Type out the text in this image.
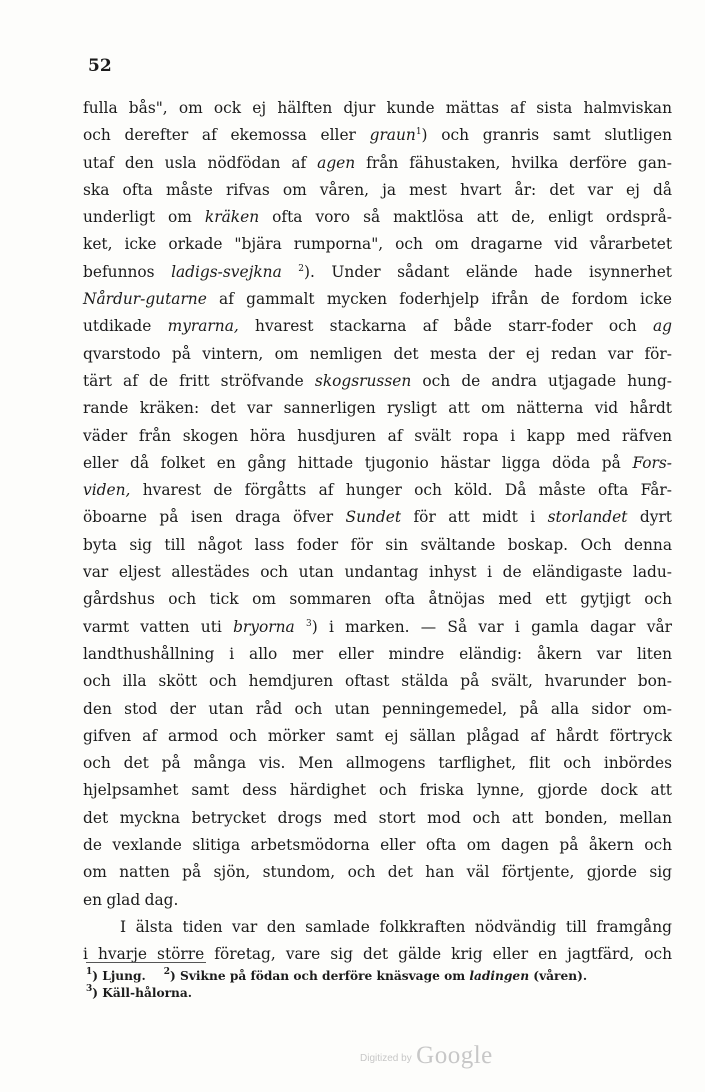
52
fulla bås", om ock ej hälften djur kunde mättas af sista halmviskan
och derefter af ekemossa eller graun$^1$) och granris samt slutligen
utaf den usla nödfödan af agen från fähustaken, hvilka derföre gan-
ska ofta måste rifvas om våren, ja mest hvart år: det var ej då
underligt om kräken ofta voro så maktlösa att de, enligt ordsprå-
ket, icke orkade "bjära rumporna", och om dragarne vid vårarbetet
befunnos ladigs-svejkna $^2$). Under sådant elände hade isynnerhet
Nårdur-gutarne af gammalt mycken foderhjelp ifrån de fordom icke
utdikade myrarna, hvarest stackarna af både starr-foder och ag
qvarstodo på vintern, om nemligen det mesta der ej redan var för-
tärt af de fritt ströfvande skogsrussen och de andra utjagade hung-
rande kräken: det var sannerligen rysligt att om nätterna vid hårdt
väder från skogen höra husdjuren af svält ropa i kapp med räfven
eller då folket en gång hittade tjugonio hästar ligga döda på Fors-
viden, hvarest de förgåtts af hunger och köld. Då måste ofta Får-
öboarne på isen draga öfver Sundet för att midt i storlandet dyrt
byta sig till något lass foder för sin svältande boskap. Och denna
var eljest allestädes och utan undantag inhyst i de eländigaste ladu-
gårdshus och tick om sommaren ofta åtnöjas med ett gytjigt och
varmt vatten uti bryorna $^3$) i marken. — Så var i gamla dagar vår
landthushållning i allo mer eller mindre eländig: åkern var liten
och illa skött och hemdjuren oftast stälda på svält, hvarunder bon-
den stod der utan råd och utan penningemedel, på alla sidor om-
gifven af armod och mörker samt ej sällan plågad af hårdt förtryck
och det på många vis. Men allmogens tarflighet, flit och inbördes
hjelpsamhet samt dess härdighet och friska lynne, gjorde dock att
det myckna betrycket drogs med stort mod och att bonden, mellan
de vexlande slitiga arbetsmödorna eller ofta om dagen på åkern och
om natten på sjön, stundom, och det han väl förtjente, gjorde sig
en glad dag.
I älsta tiden var den samlade folkkraften nödvändig till framgång
i hvarje större företag, vare sig det gälde krig eller en jagtfärd, och
$^1$) Ljung. $^2$) Svikne på födan och derföre knäsvage om ladingen (våren).
$^3$) Käll-hålorna.
Digitized by Google
